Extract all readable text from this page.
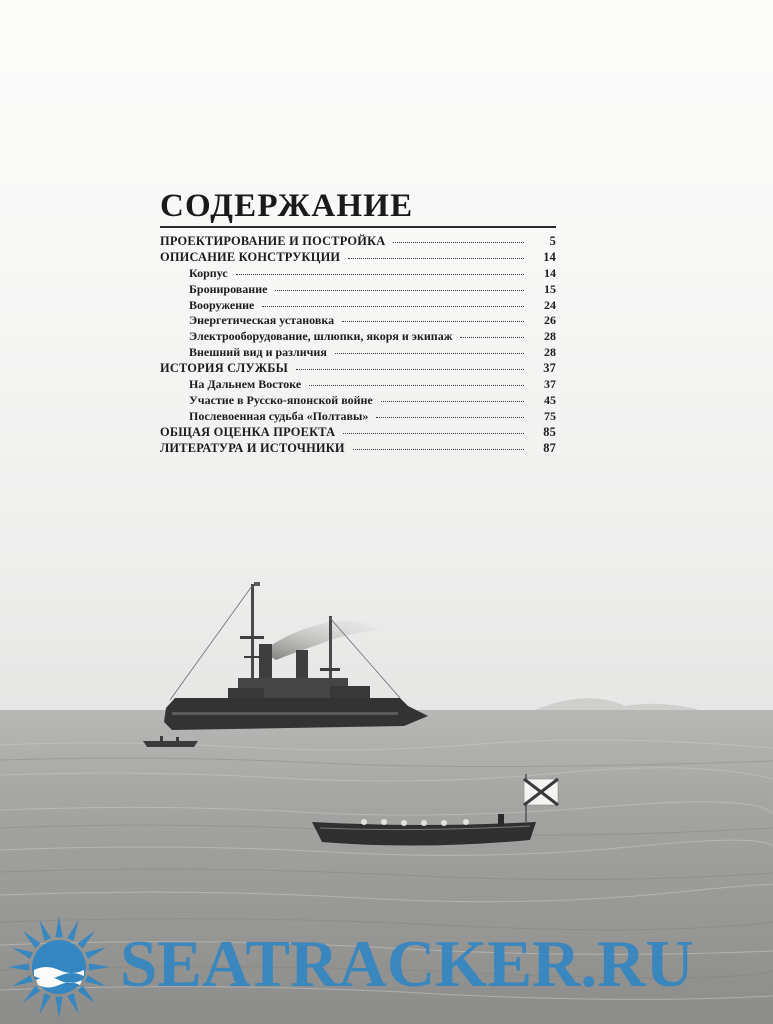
СОДЕРЖАНИЕ
ПРОЕКТИРОВАНИЕ И ПОСТРОЙКА	5
ОПИСАНИЕ КОНСТРУКЦИИ	14
Корпус	14
Бронирование	15
Вооружение	24
Энергетическая установка	26
Электрооборудование, шлюпки, якоря и экипаж	28
Внешний вид и различия	28
ИСТОРИЯ СЛУЖБЫ	37
На Дальнем Востоке	37
Участие в Русско-японской войне	45
Послевоенная судьба «Полтавы»	75
ОБЩАЯ ОЦЕНКА ПРОЕКТА	85
ЛИТЕРАТУРА И ИСТОЧНИКИ	87
SEATRACKER.RU
